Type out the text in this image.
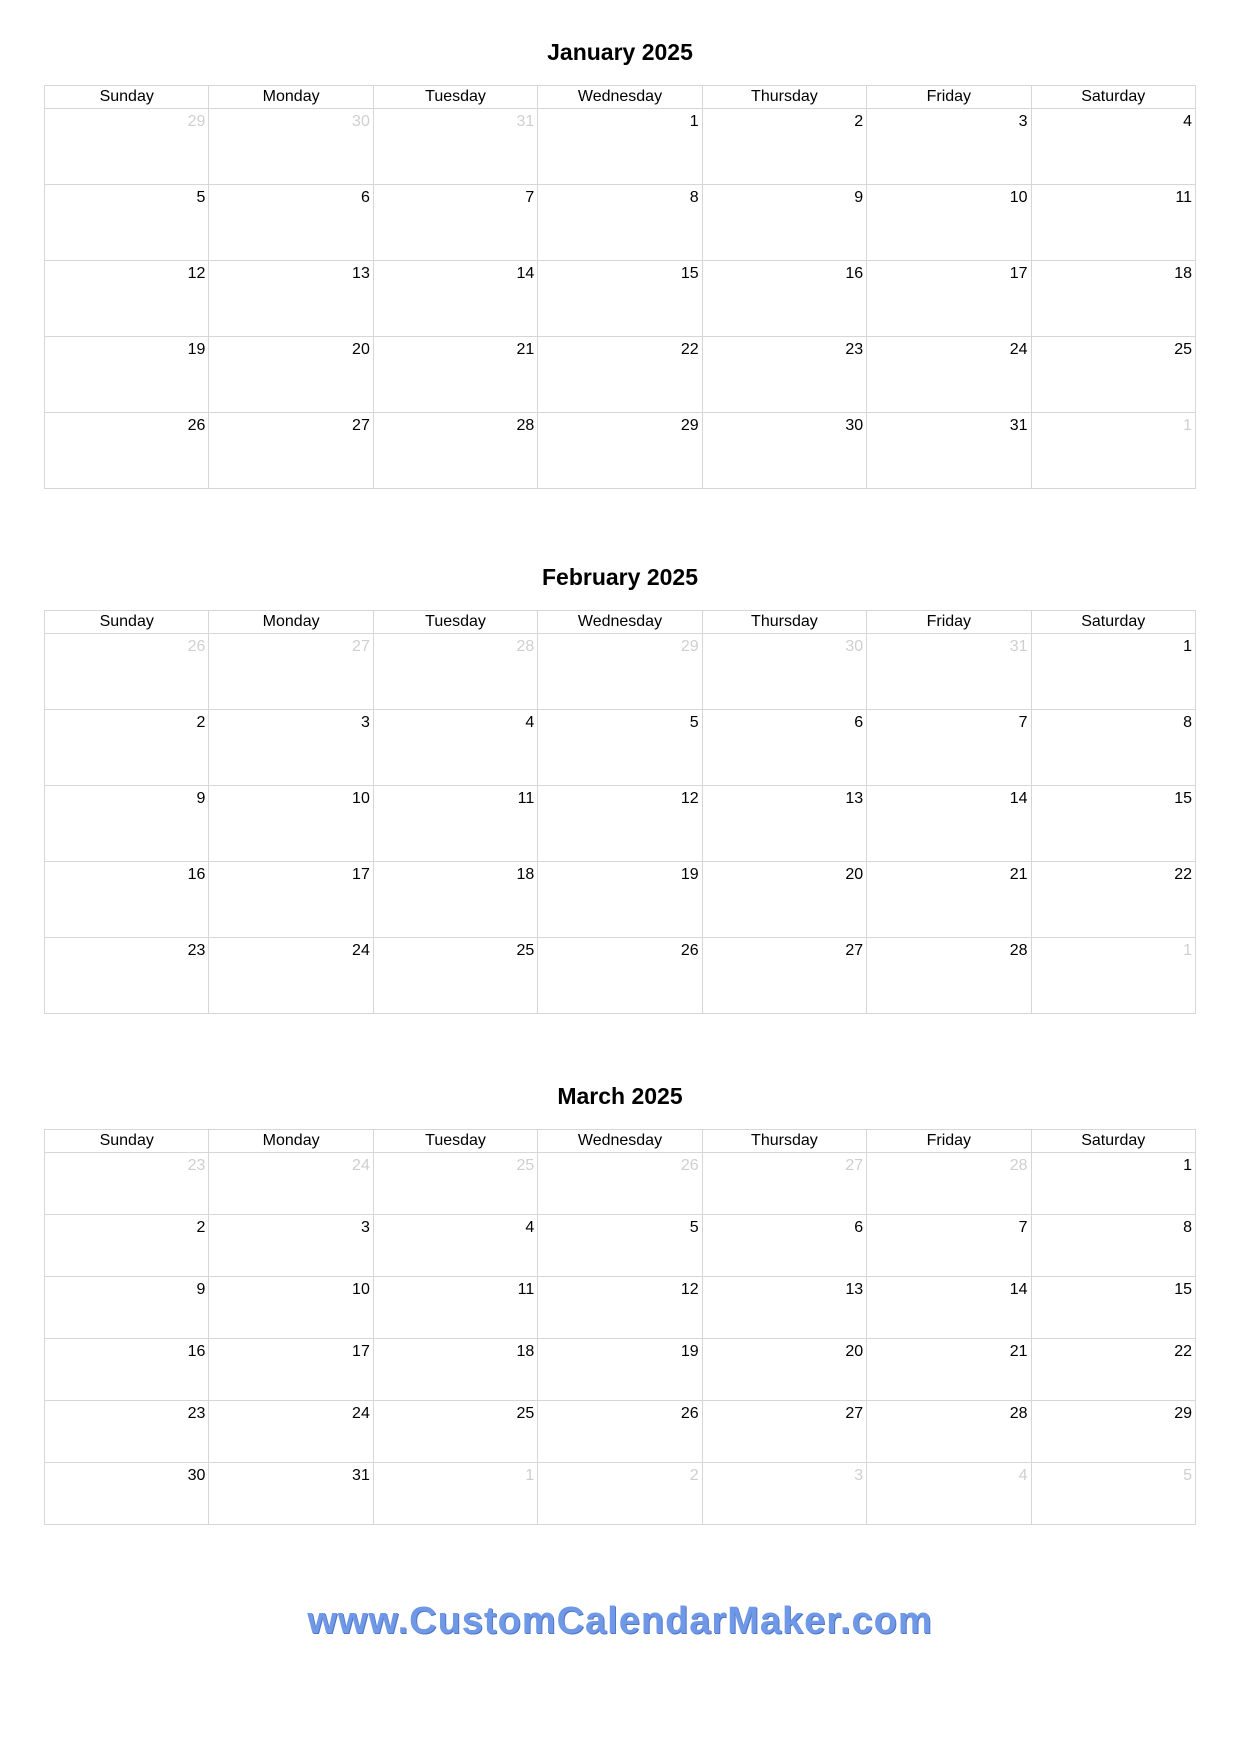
January 2025
Sunday	Monday	Tuesday	Wednesday	Thursday	Friday	Saturday

29	30	31	1	2	3	4

5	6	7	8	9	10	11

12	13	14	15	16	17	18

19	20	21	22	23	24	25

26	27	28	29	30	31	1
February 2025
Sunday	Monday	Tuesday	Wednesday	Thursday	Friday	Saturday

26	27	28	29	30	31	1

2	3	4	5	6	7	8

9	10	11	12	13	14	15

16	17	18	19	20	21	22

23	24	25	26	27	28	1
March 2025
Sunday	Monday	Tuesday	Wednesday	Thursday	Friday	Saturday

23	24	25	26	27	28	1

2	3	4	5	6	7	8

9	10	11	12	13	14	15

16	17	18	19	20	21	22

23	24	25	26	27	28	29

30	31	1	2	3	4	5
www.CustomCalendarMaker.com
